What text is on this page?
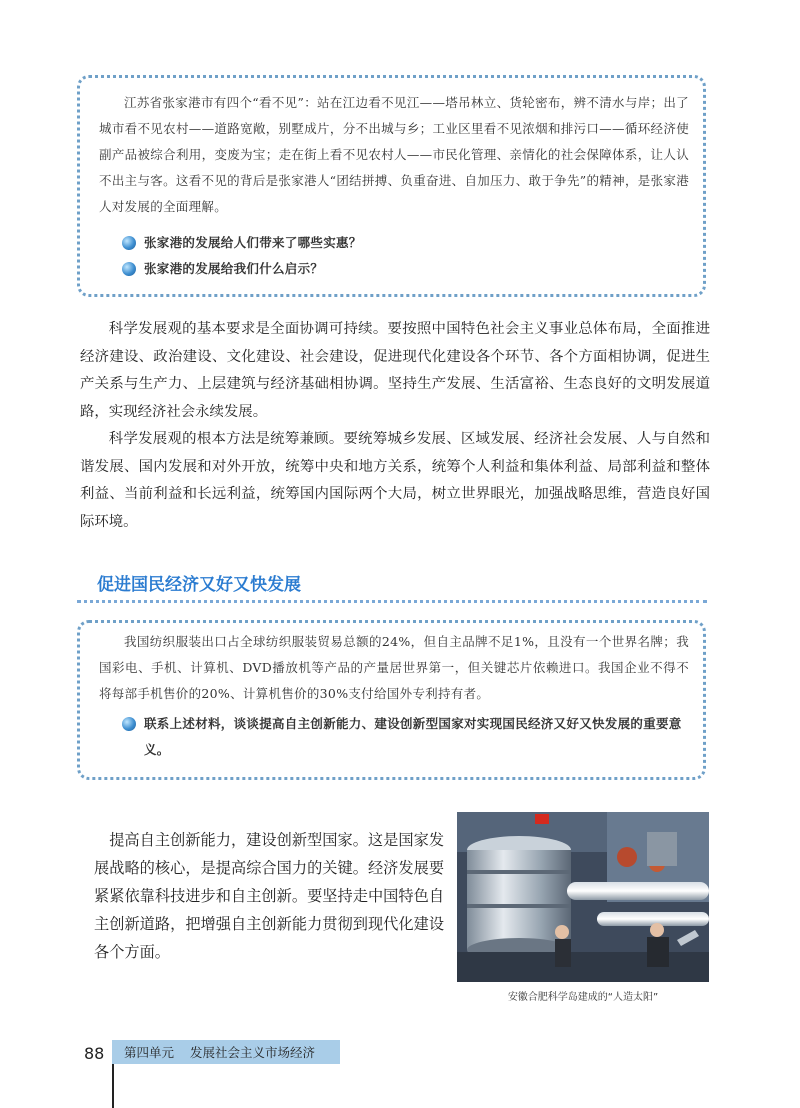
江苏省张家港市有四个“看不见”：站在江边看不见江——塔吊林立、货轮密布，辨不清水与岸；出了城市看不见农村——道路宽敞，别墅成片，分不出城与乡；工业区里看不见浓烟和排污口——循环经济使副产品被综合利用，变废为宝；走在街上看不见农村人——市民化管理、亲情化的社会保障体系，让人认不出主与客。这看不见的背后是张家港人“团结拼搏、负重奋进、自加压力、敢于争先”的精神，是张家港人对发展的全面理解。

张家港的发展给人们带来了哪些实惠？
张家港的发展给我们什么启示？

科学发展观的基本要求是全面协调可持续。要按照中国特色社会主义事业总体布局，全面推进经济建设、政治建设、文化建设、社会建设，促进现代化建设各个环节、各个方面相协调，促进生产关系与生产力、上层建筑与经济基础相协调。坚持生产发展、生活富裕、生态良好的文明发展道路，实现经济社会永续发展。

科学发展观的根本方法是统筹兼顾。要统筹城乡发展、区域发展、经济社会发展、人与自然和谐发展、国内发展和对外开放，统筹中央和地方关系，统筹个人利益和集体利益、局部利益和整体利益、当前利益和长远利益，统筹国内国际两个大局，树立世界眼光，加强战略思维，营造良好国际环境。

促进国民经济又好又快发展

我国纺织服装出口占全球纺织服装贸易总额的24%，但自主品牌不足1%，且没有一个世界名牌；我国彩电、手机、计算机、DVD播放机等产品的产量居世界第一，但关键芯片依赖进口。我国企业不得不将每部手机售价的20%、计算机售价的30%支付给国外专利持有者。

联系上述材料，谈谈提高自主创新能力、建设创新型国家对实现国民经济又好又快发展的重要意义。

提高自主创新能力，建设创新型国家。这是国家发展战略的核心，是提高综合国力的关键。经济发展要紧紧依靠科技进步和自主创新。要坚持走中国特色自主创新道路，把增强自主创新能力贯彻到现代化建设各个方面。

安徽合肥科学岛建成的“人造太阳”
88 第四单元 发展社会主义市场经济
